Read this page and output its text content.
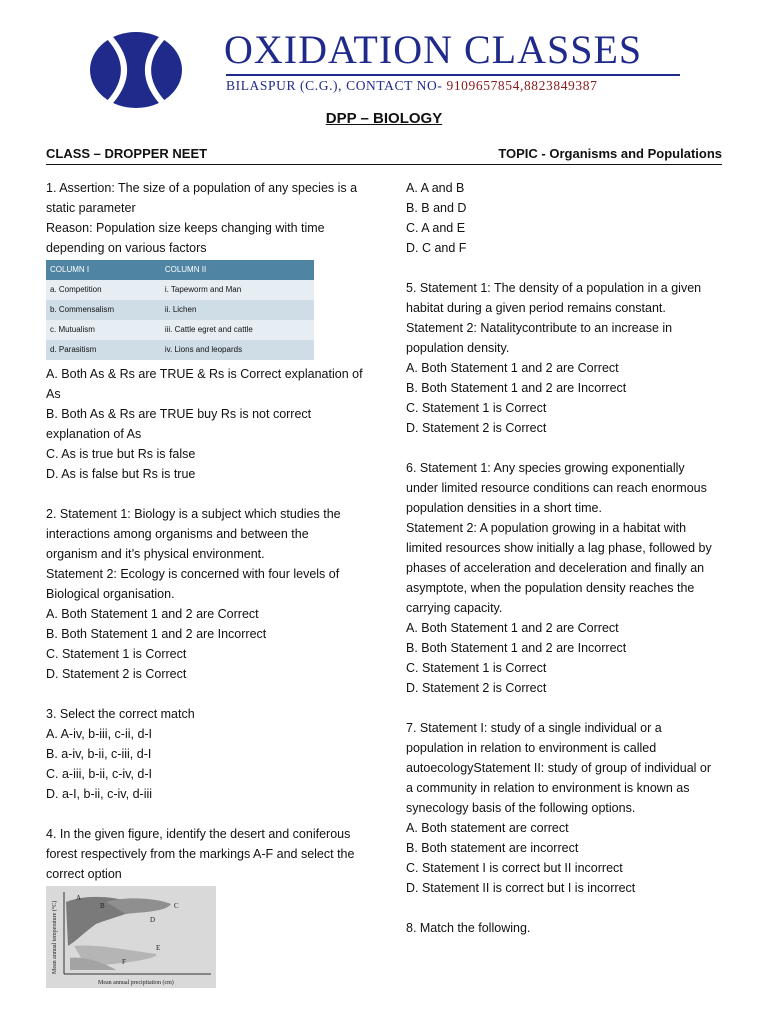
OXIDATION CLASSES
BILASPUR (C.G.), CONTACT NO- 9109657854,8823849387
DPP – BIOLOGY
CLASS – DROPPER NEET	TOPIC - Organisms and Populations

1. Assertion: The size of a population of any species is a

static parameter

Reason: Population size keeps changing with time

depending on various factors

COLUMN I	COLUMN II
a. Competition	i. Tapeworm and Man
b. Commensalism	ii. Lichen
c. Mutualism	iii. Cattle egret and cattle
d. Parasitism	iv. Lions and leopards

A. Both As & Rs are TRUE & Rs is Correct explanation of

As

B. Both As & Rs are TRUE buy Rs is not correct

explanation of As

C. As is true but Rs is false

D. As is false but Rs is true

2. Statement 1: Biology is a subject which studies the

interactions among organisms and between the

organism and it’s physical environment.

Statement 2: Ecology is concerned with four levels of

Biological organisation.

A. Both Statement 1 and 2 are Correct

B. Both Statement 1 and 2 are Incorrect

C. Statement 1 is Correct

D. Statement 2 is Correct

3. Select the correct match

A. A-iv, b-iii, c-ii, d-I

B. a-iv, b-ii, c-iii, d-I

C. a-iii, b-ii, c-iv, d-I

D. a-I, b-ii, c-iv, d-iii

4. In the given figure, identify the desert and coniferous

forest respectively from the markings A-F and select the

correct option

A
B	C
D
E
F
Mean annual precipitation (cm)
Mean annual temperature (°C)

A. A and B

B. B and D

C. A and E

D. C and F

5. Statement 1: The density of a population in a given

habitat during a given period remains constant.

Statement 2: Natalitycontribute to an increase in

population density.

A. Both Statement 1 and 2 are Correct

B. Both Statement 1 and 2 are Incorrect

C. Statement 1 is Correct

D. Statement 2 is Correct

6. Statement 1: Any species growing exponentially

under limited resource conditions can reach enormous

population densities in a short time.

Statement 2: A population growing in a habitat with

limited resources show initially a lag phase, followed by

phases of acceleration and deceleration and finally an

asymptote, when the population density reaches the

carrying capacity.

A. Both Statement 1 and 2 are Correct

B. Both Statement 1 and 2 are Incorrect

C. Statement 1 is Correct

D. Statement 2 is Correct

7. Statement I: study of a single individual or a

population in relation to environment is called

autoecologyStatement II: study of group of individual or

a community in relation to environment is known as

synecology basis of the following options.

A. Both statement are correct

B. Both statement are incorrect

C. Statement I is correct but II incorrect

D. Statement II is correct but I is incorrect

8. Match the following.
